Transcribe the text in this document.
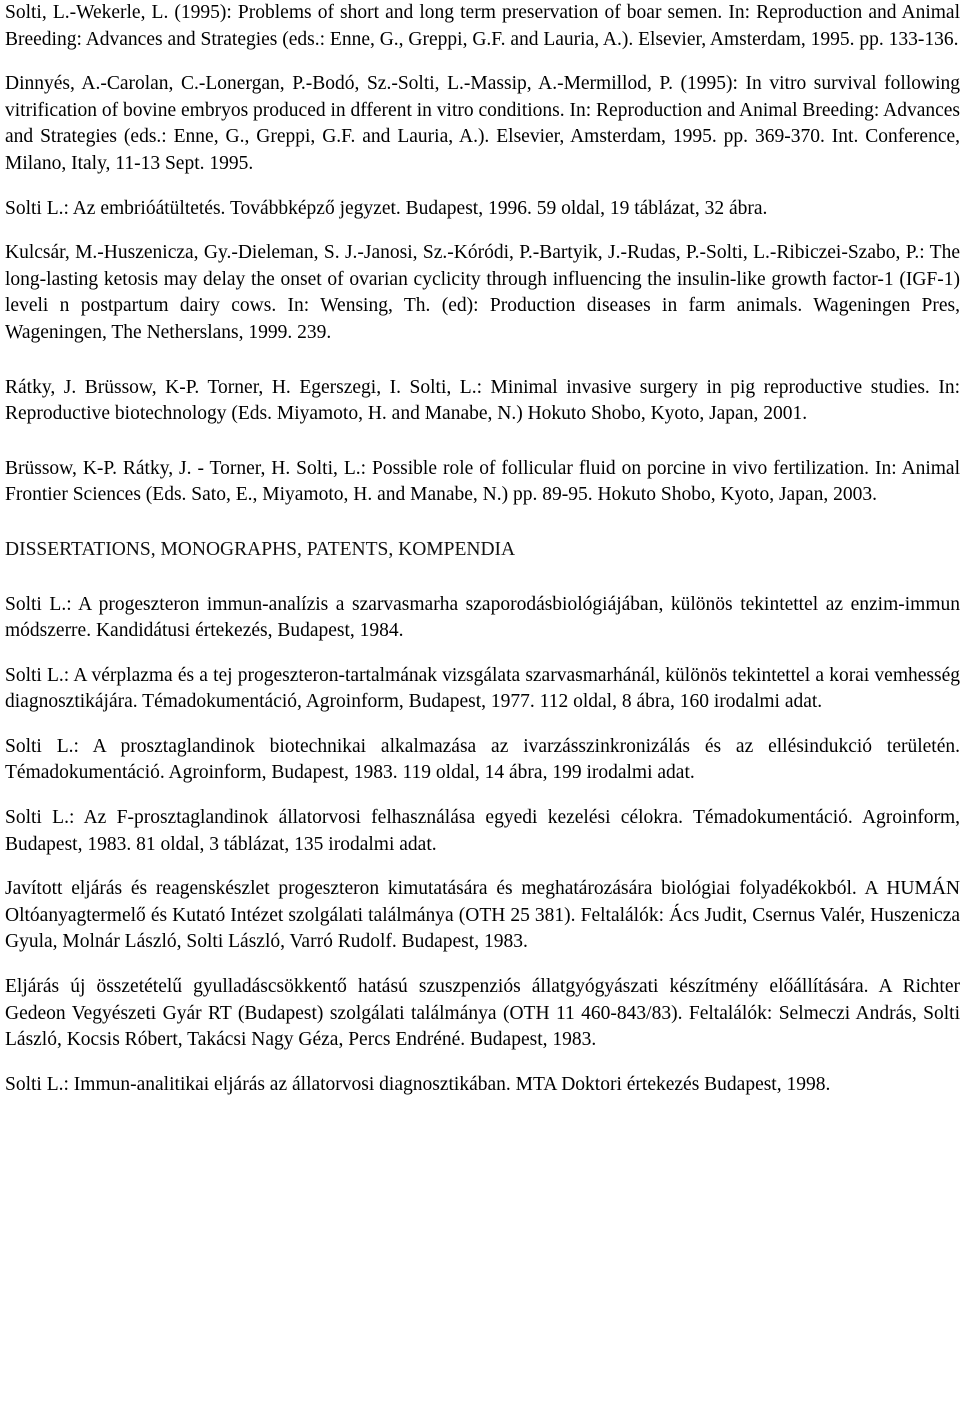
Solti, L.-Wekerle, L. (1995): Problems of short and long term preservation of boar semen. In: Reproduction and Animal Breeding: Advances and Strategies (eds.: Enne, G., Greppi, G.F. and Lauria, A.). Elsevier, Amsterdam, 1995. pp. 133-136.

Dinnyés, A.-Carolan, C.-Lonergan, P.-Bodó, Sz.-Solti, L.-Massip, A.-Mermillod, P. (1995): In vitro survival following vitrification of bovine embryos produced in dfferent in vitro conditions. In: Reproduction and Animal Breeding: Advances and Strategies (eds.: Enne, G., Greppi, G.F. and Lauria, A.). Elsevier, Amsterdam, 1995. pp. 369-370. Int. Conference, Milano, Italy, 11-13 Sept. 1995.

Solti L.: Az embrióátültetés. Továbbképző jegyzet. Budapest, 1996. 59 oldal, 19 táblázat, 32 ábra.

Kulcsár, M.-Huszenicza, Gy.-Dieleman, S. J.-Janosi, Sz.-Kóródi, P.-Bartyik, J.-Rudas, P.-Solti, L.-Ribiczei-Szabo, P.: The long-lasting ketosis may delay the onset of ovarian cyclicity through influencing the insulin-like growth factor-1 (IGF-1) leveli n postpartum dairy cows. In: Wensing, Th. (ed): Production diseases in farm animals. Wageningen Pres, Wageningen, The Netherslans, 1999. 239.

Rátky, J. Brüssow, K-P. Torner, H. Egerszegi, I. Solti, L.: Minimal invasive surgery in pig reproductive studies. In: Reproductive biotechnology (Eds. Miyamoto, H. and Manabe, N.) Hokuto Shobo, Kyoto, Japan, 2001.

Brüssow, K-P. Rátky, J. - Torner, H. Solti, L.: Possible role of follicular fluid on porcine in vivo fertilization. In: Animal Frontier Sciences (Eds. Sato, E., Miyamoto, H. and Manabe, N.) pp. 89-95. Hokuto Shobo, Kyoto, Japan, 2003.

DISSERTATIONS, MONOGRAPHS, PATENTS, KOMPENDIA

Solti L.: A progeszteron immun-analízis a szarvasmarha szaporodásbiológiájában, különös tekintettel az enzim-immun módszerre. Kandidátusi értekezés, Budapest, 1984.

Solti L.: A vérplazma és a tej progeszteron-tartalmának vizsgálata szarvasmarhánál, különös tekintettel a korai vemhesség diagnosztikájára. Témadokumentáció, Agroinform, Budapest, 1977. 112 oldal, 8 ábra, 160 irodalmi adat.

Solti L.: A prosztaglandinok biotechnikai alkalmazása az ivarzásszinkronizálás és az ellésindukció területén. Témadokumentáció. Agroinform, Budapest, 1983. 119 oldal, 14 ábra, 199 irodalmi adat.

Solti L.: Az F-prosztaglandinok állatorvosi felhasználása egyedi kezelési célokra. Témadokumentáció. Agroinform, Budapest, 1983. 81 oldal, 3 táblázat, 135 irodalmi adat.

Javított eljárás és reagenskészlet progeszteron kimutatására és meghatározására biológiai folyadékokból. A HUMÁN Oltóanyagtermelő és Kutató Intézet szolgálati találmánya (OTH 25 381). Feltalálók: Ács Judit, Csernus Valér, Huszenicza Gyula, Molnár László, Solti László, Varró Rudolf. Budapest, 1983.

Eljárás új összetételű gyulladáscsökkentő hatású szuszpenziós állatgyógyászati készítmény előállítására. A Richter Gedeon Vegyészeti Gyár RT (Budapest) szolgálati találmánya (OTH 11 460-843/83). Feltalálók: Selmeczi András, Solti László, Kocsis Róbert, Takácsi Nagy Géza, Percs Endréné. Budapest, 1983.

Solti L.: Immun-analitikai eljárás az állatorvosi diagnosztikában. MTA Doktori értekezés Budapest, 1998.
